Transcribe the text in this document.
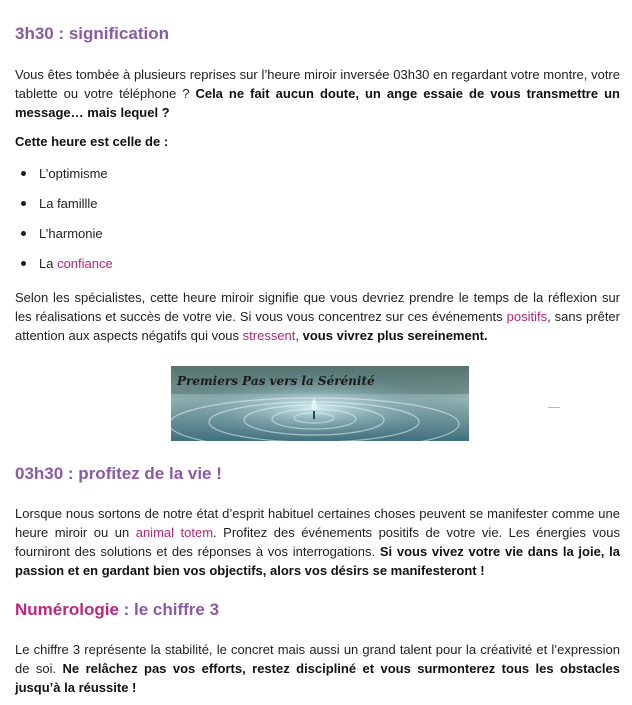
3h30 : signification

Vous êtes tombée à plusieurs reprises sur l’heure miroir inversée 03h30 en regardant votre montre, votre tablette ou votre téléphone ? Cela ne fait aucun doute, un ange essaie de vous transmettre un message… mais lequel ?

Cette heure est celle de :

L’optimisme
La famillle
L’harmonie
La confiance

Selon les spécialistes, cette heure miroir signifie que vous devriez prendre le temps de la réflexion sur les réalisations et succès de votre vie. Si vous vous concentrez sur ces événements positifs, sans prêter attention aux aspects négatifs qui vous stressent, vous vivrez plus sereinement.

03h30 : profitez de la vie !

Lorsque nous sortons de notre état d’esprit habituel certaines choses peuvent se manifester comme une heure miroir ou un animal totem. Profitez des événements positifs de votre vie. Les énergies vous fourniront des solutions et des réponses à vos interrogations. Si vous vivez votre vie dans la joie, la passion et en gardant bien vos objectifs, alors vos désirs se manifesteront !

Numérologie : le chiffre 3

Le chiffre 3 représente la stabilité, le concret mais aussi un grand talent pour la créativité et l’expression de soi. Ne relâchez pas vos efforts, restez discipliné et vous surmonterez tous les obstacles jusqu’à la réussite !

Premiers Pas vers la Sérénité
